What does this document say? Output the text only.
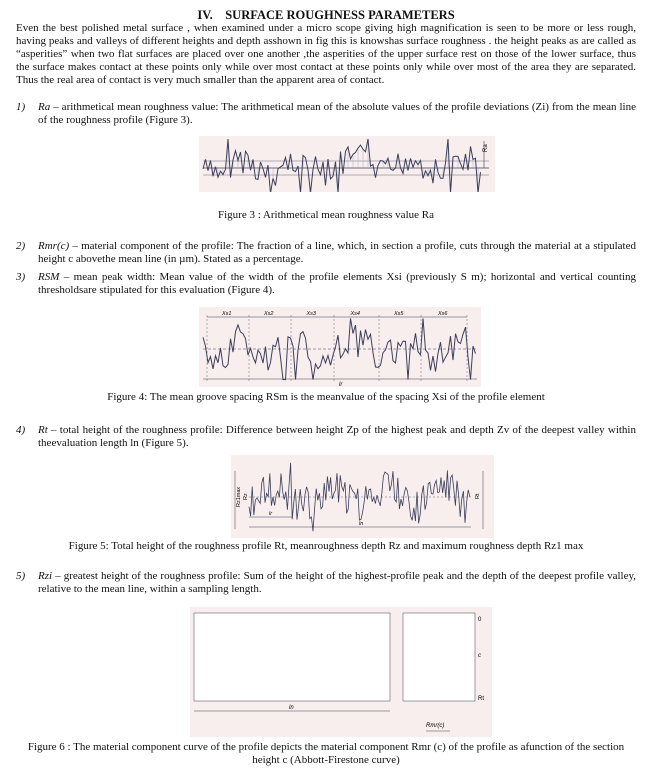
IV. SURFACE ROUGHNESS PARAMETERS
Even the best polished metal surface , when examined under a micro scope giving high magnification is seen to be more or less rough, having peaks and valleys of different heights and depth asshown in fig this is knowshas surface roughness . the height peaks as are called as “asperities” when two flat surfaces are placed over one another ,the asperities of the upper surface rest on those of the lower surface, thus the surface makes contact at these points only while over most contact at these points only while over most of the area they are separated. Thus the real area of contact is very much smaller than the apparent area of contact.
1) Ra – arithmetical mean roughness value: The arithmetical mean of the absolute values of the profile deviations (Zi) from the mean line of the roughness profile (Figure 3).
Ra
Figure 3 : Arithmetical mean roughness value Ra
2) Rmr(c) – material component of the profile: The fraction of a line, which, in section a profile, cuts through the material at a stipulated height c abovethe mean line (in µm). Stated as a percentage.
3) RSM – mean peak width: Mean value of the width of the profile elements Xsi (previously S m); horizontal and vertical counting thresholdsare stipulated for this evaluation (Figure 4).
Xs1	Xs2	Xs3	Xs4	Xs5	Xs6
lr
Figure 4: The mean groove spacing RSm is the meanvalue of the spacing Xsi of the profile element
4) Rt – total height of the roughness profile: Difference between height Zp of the highest peak and depth Zv of the deepest valley within theevaluation length ln (Figure 5).
Rz1max Rz	Rt
lr
ln
Figure 5: Total height of the roughness profile Rt, meanroughness depth Rz and maximum roughness depth Rz1 max
5) Rzi – greatest height of the roughness profile: Sum of the height of the highest-profile peak and the depth of the deepest profile valley, relative to the mean line, within a sampling length.
ln
0
c
Rt
Rmr(c)
Figure 6 : The material component curve of the profile depicts the material component Rmr (c) of the profile as afunction of the section height c (Abbott-Firestone curve)
